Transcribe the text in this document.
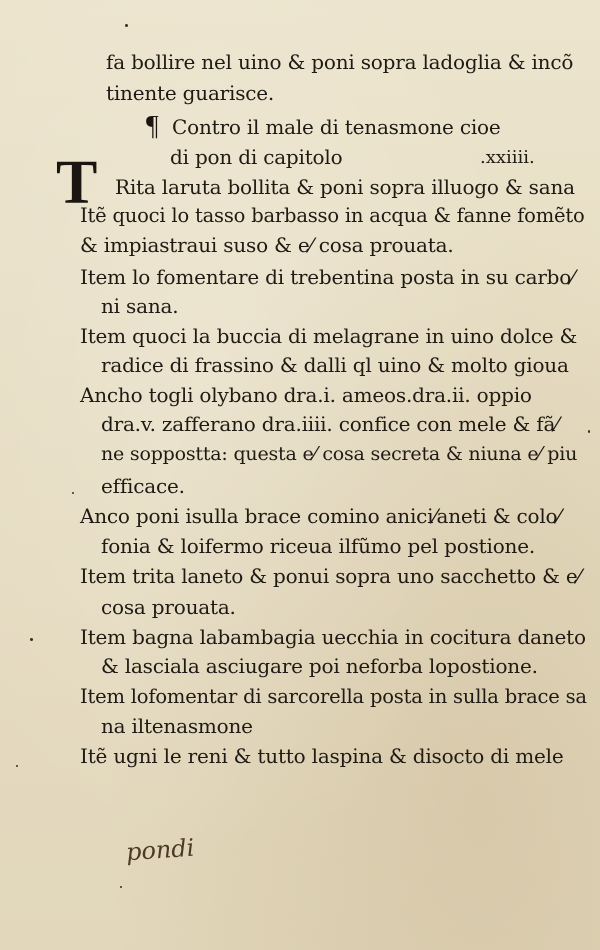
fa bollire nel uino & poni sopra ladoglia & incõ
tinente guarisce.
¶ Contro il male di tenasmone cioe
di pon di capitolo	.xxiiii.
T Rita laruta bollita & poni sopra illuogo & sana
Itẽ quoci lo tasso barbasso in acqua & fanne fomẽto
& impiastraui suso & e⁄ cosa prouata.
Item lo fomentare di trebentina posta in su carbo⁄
ni sana.
Item quoci la buccia di melagrane in uino dolce &
radice di frassino & dalli ql uino & molto gioua
Ancho togli olybano dra.i. ameos.dra.ii. oppio
dra.v. zafferano dra.iiii. confice con mele & fã⁄
ne soppostta: questa e⁄ cosa secreta & niuna e⁄ piu
efficace.
Anco poni isulla brace comino anici⁄aneti & colo⁄
fonia & loifermo riceua ilfũmo pel postione.
Item trita laneto & ponui sopra uno sacchetto & e⁄
cosa prouata.
Item bagna labambagia uecchia in cocitura daneto
& lasciala asciugare poi neforba lopostione.
Item lofomentar di sarcorella posta in sulla brace sa
na iltenasmone
Itẽ ugni le reni & tutto laspina & disocto di mele
pondi
